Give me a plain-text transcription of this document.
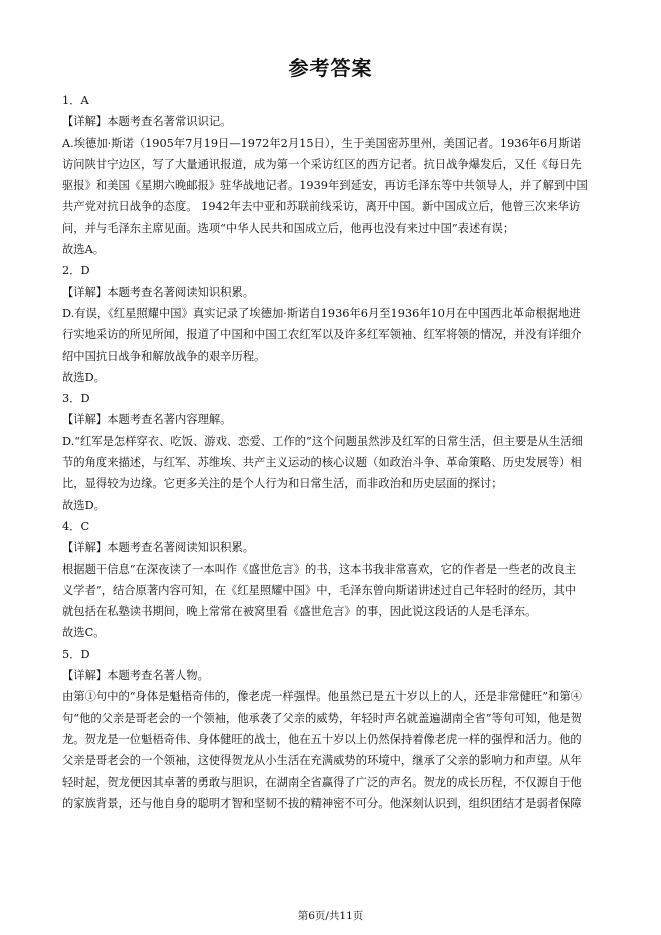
参考答案
1．A
【详解】本题考查名著常识识记。
A.埃德加·斯诺（1905年7月19日—1972年2月15日），生于美国密苏里州，美国记者。1936年6月斯诺
访问陕甘宁边区，写了大量通讯报道，成为第一个采访红区的西方记者。抗日战争爆发后，又任《每日先
驱报》和美国《星期六晚邮报》驻华战地记者。1939年到延安，再访毛泽东等中共领导人，并了解到中国
共产党对抗日战争的态度。 1942年去中亚和苏联前线采访，离开中国。新中国成立后，他曾三次来华访
问，并与毛泽东主席见面。选项“中华人民共和国成立后，他再也没有来过中国”表述有误；
故选A。
2．D
【详解】本题考查名著阅读知识积累。
D.有误，《红星照耀中国》真实记录了埃德加·斯诺自1936年6月至1936年10月在中国西北革命根据地进
行实地采访的所见所闻，报道了中国和中国工农红军以及许多红军领袖、红军将领的情况，并没有详细介
绍中国抗日战争和解放战争的艰辛历程。
故选D。
3．D
【详解】本题考查名著内容理解。
D.“红军是怎样穿衣、吃饭、游戏、恋爱、工作的”这个问题虽然涉及红军的日常生活，但主要是从生活细
节的角度来描述，与红军、苏维埃、共产主义运动的核心议题（如政治斗争、革命策略、历史发展等）相
比，显得较为边缘。它更多关注的是个人行为和日常生活，而非政治和历史层面的探讨；
故选D。
4．C
【详解】本题考查名著阅读知识积累。
根据题干信息“在深夜读了一本叫作《盛世危言》的书，这本书我非常喜欢，它的作者是一些老的改良主
义学者”，结合原著内容可知，在《红星照耀中国》中，毛泽东曾向斯诺讲述过自己年轻时的经历，其中
就包括在私塾读书期间，晚上常常在被窝里看《盛世危言》的事，因此说这段话的人是毛泽东。
故选C。
5．D
【详解】本题考查名著人物。
由第①句中的“身体是魁梧奇伟的，像老虎一样强悍。他虽然已是五十岁以上的人，还是非常健旺”和第④
句“他的父亲是哥老会的一个领袖，他承袭了父亲的威势，年轻时声名就盖遍湖南全省”等句可知，他是贺
龙。贺龙是一位魁梧奇伟、身体健旺的战士，他在五十岁以上仍然保持着像老虎一样的强悍和活力。他的
父亲是哥老会的一个领袖，这使得贺龙从小生活在充满威势的环境中，继承了父亲的影响力和声望。从年
轻时起，贺龙便因其卓著的勇敢与胆识，在湖南全省赢得了广泛的声名。贺龙的成长历程，不仅源自于他
的家族背景，还与他自身的聪明才智和坚韧不拔的精神密不可分。他深刻认识到，组织团结才是弱者保障
第6页/共11页
